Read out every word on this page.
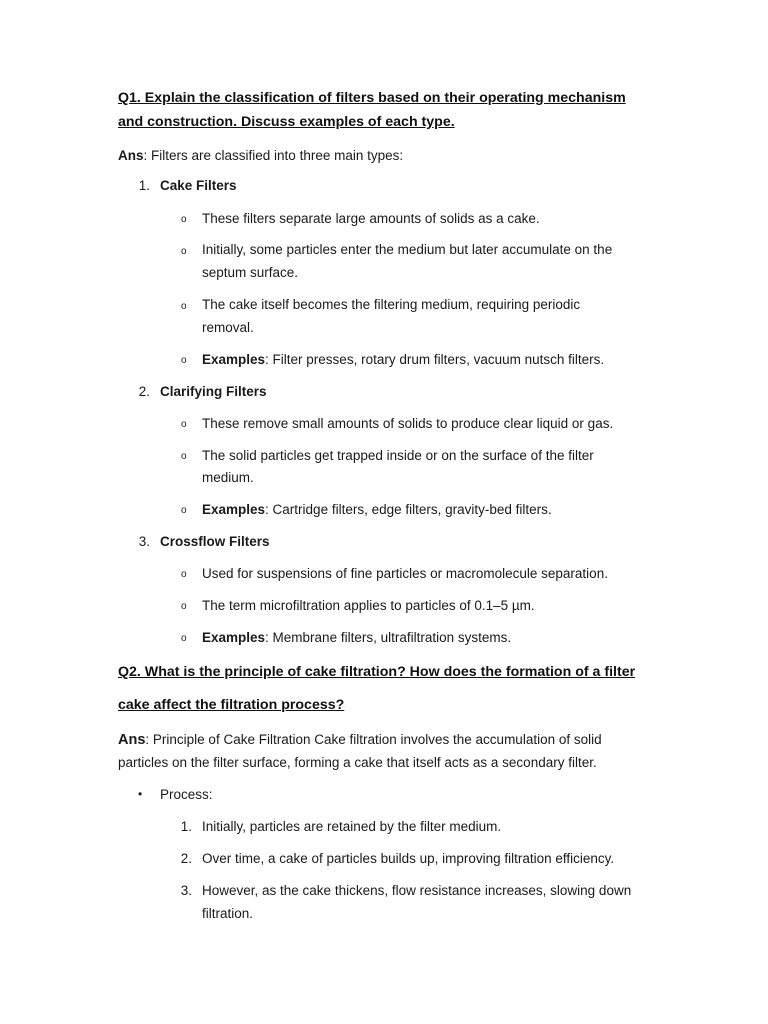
Q1. Explain the classification of filters based on their operating mechanism
and construction. Discuss examples of each type.
Ans: Filters are classified into three main types:
1. Cake Filters
o These filters separate large amounts of solids as a cake.
o Initially, some particles enter the medium but later accumulate on the
septum surface.
o The cake itself becomes the filtering medium, requiring periodic
removal.
o Examples: Filter presses, rotary drum filters, vacuum nutsch filters.
2. Clarifying Filters
o These remove small amounts of solids to produce clear liquid or gas.
o The solid particles get trapped inside or on the surface of the filter
medium.
o Examples: Cartridge filters, edge filters, gravity-bed filters.
3. Crossflow Filters
o Used for suspensions of fine particles or macromolecule separation.
o The term microfiltration applies to particles of 0.1–5 µm.
o Examples: Membrane filters, ultrafiltration systems.
Q2. What is the principle of cake filtration? How does the formation of a filter
cake affect the filtration process?
Ans: Principle of Cake Filtration Cake filtration involves the accumulation of solid
particles on the filter surface, forming a cake that itself acts as a secondary filter.
• Process:
1. Initially, particles are retained by the filter medium.
2. Over time, a cake of particles builds up, improving filtration efficiency.
3. However, as the cake thickens, flow resistance increases, slowing down
filtration.
